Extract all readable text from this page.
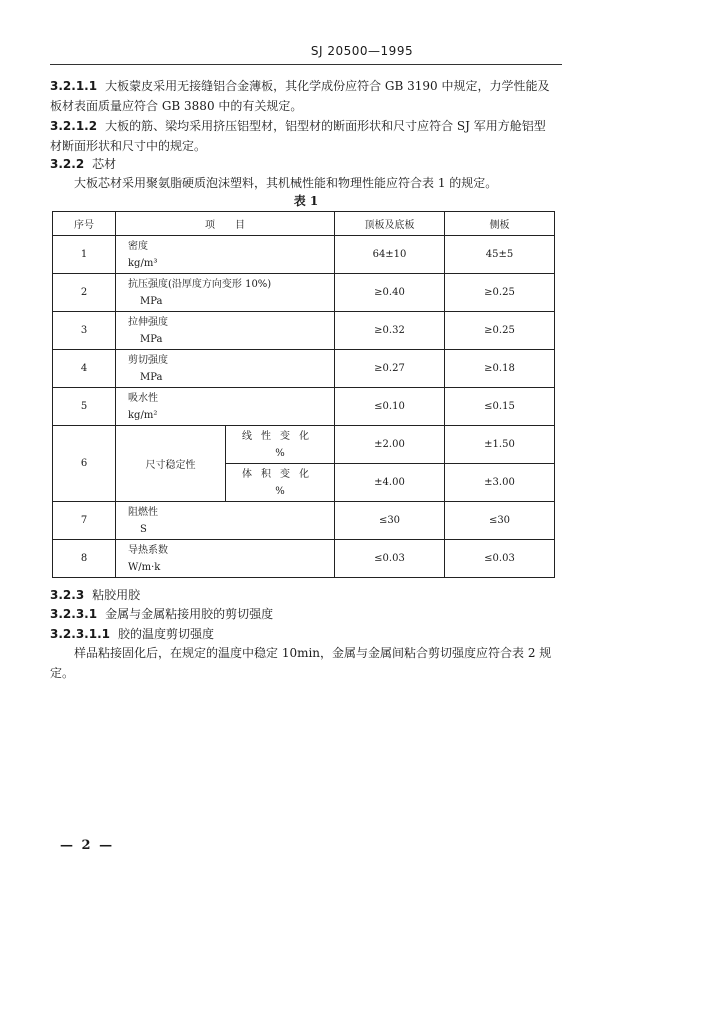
SJ 20500—1995
3.2.1.1 大板蒙皮采用无接缝铝合金薄板，其化学成份应符合 GB 3190 中规定，力学性能及
板材表面质量应符合 GB 3880 中的有关规定。
3.2.1.2 大板的筋、梁均采用挤压铝型材，铝型材的断面形状和尺寸应符合 SJ 军用方舱铝型
材断面形状和尺寸中的规定。
3.2.2 芯材
大板芯材采用聚氨脂硬质泡沫塑料，其机械性能和物理性能应符合表 1 的规定。
表 1
序号	项　　目		顶板及底板	侧板
1	密度
kg/m³		64±10	45±5
2	抗压强度(沿厚度方向变形 10%)
MPa		≥0.40	≥0.25
3	拉伸强度
MPa		≥0.32	≥0.25
4	剪切强度
MPa		≥0.27	≥0.18
5	吸水性
kg/m²		≤0.10	≤0.15
6	尺寸稳定性	线性变化
%	±2.00	±1.50

		体积变化
%	±4.00	±3.00
7	阻燃性
S		≤30	≤30
8	导热系数
W/m·k		≤0.03	≤0.03
3.2.3 粘胶用胶
3.2.3.1 金属与金属粘接用胶的剪切强度
3.2.3.1.1 胶的温度剪切强度
样品粘接固化后，在规定的温度中稳定 10min，金属与金属间粘合剪切强度应符合表 2 规
定。
— 2 —
